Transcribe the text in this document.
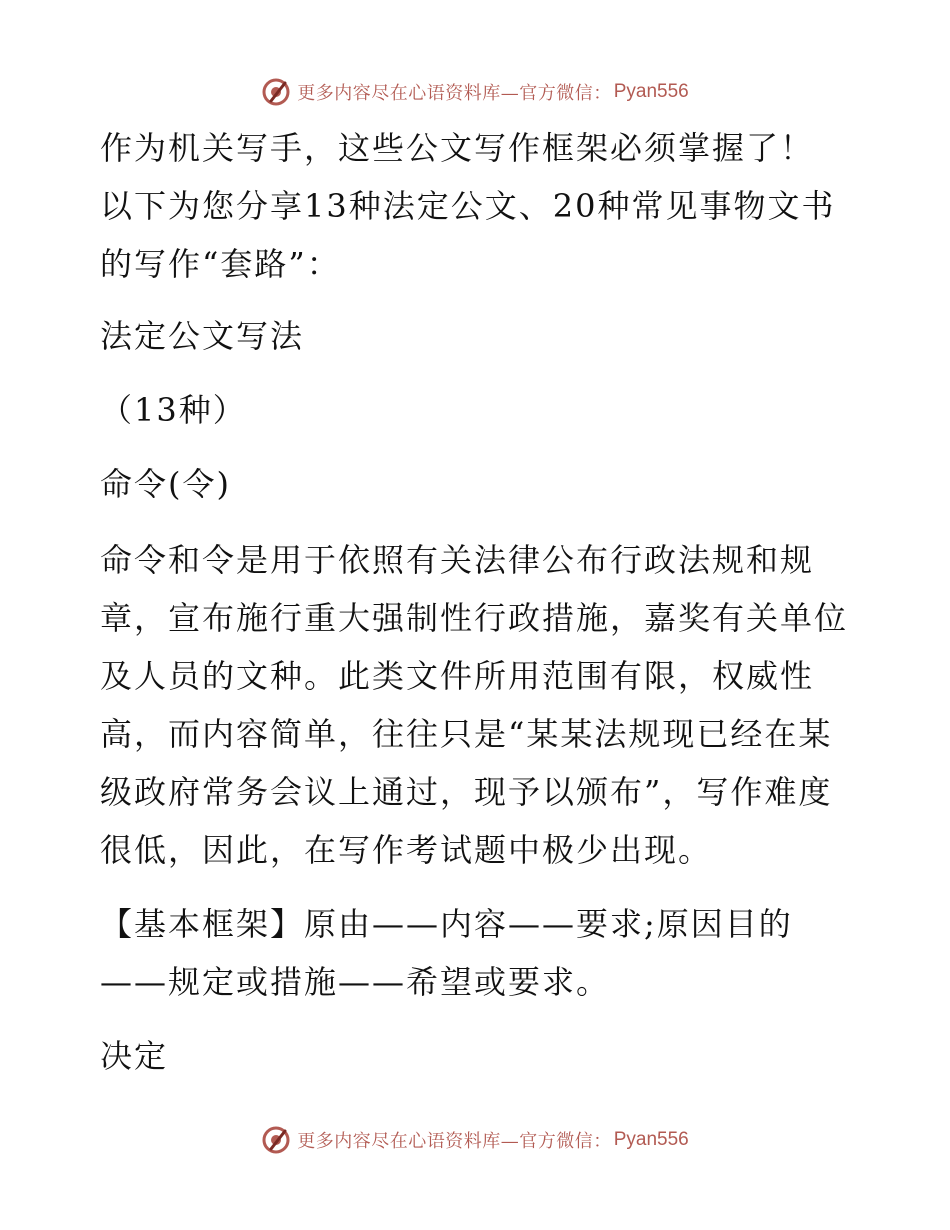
更多内容尽在心语资料库—官方微信： Pyan556
作为机关写手，这些公文写作框架必须掌握了！
以下为您分享13种法定公文、20种常见事物文书
的写作“套路”：
法定公文写法
（13种）
命令(令)
命令和令是用于依照有关法律公布行政法规和规
章，宣布施行重大强制性行政措施，嘉奖有关单位
及人员的文种。此类文件所用范围有限，权威性
高，而内容简单，往往只是“某某法规现已经在某
级政府常务会议上通过，现予以颁布”，写作难度
很低，因此，在写作考试题中极少出现。
【基本框架】原由——内容——要求;原因目的
——规定或措施——希望或要求。
决定
更多内容尽在心语资料库—官方微信： Pyan556
